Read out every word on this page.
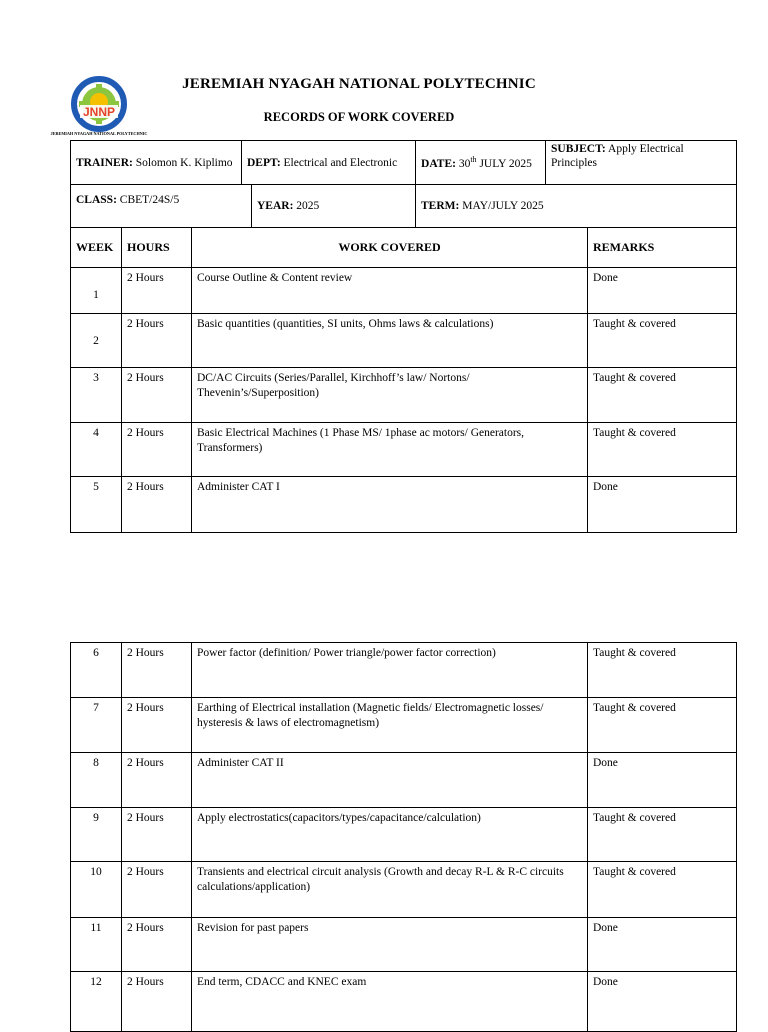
JNNP
JEREMIAH NYAGAH NATIONAL POLYTECHNIC
JEREMIAH NYAGAH NATIONAL POLYTECHNIC
RECORDS OF WORK COVERED
TRAINER: Solomon K. Kiplimo	DEPT: Electrical and Electronic		DATE: 30th JULY 2025	SUBJECT: Apply Electrical
Principles
CLASS: CBET/24S/5		YEAR: 2025	TERM: MAY/JULY 2025	
WEEK	HOURS	WORK COVERED	REMARKS
1	2 Hours	Course Outline & Content review	Done
2	2 Hours	Basic quantities (quantities, SI units, Ohms laws & calculations)	Taught & covered
3	2 Hours	DC/AC Circuits (Series/Parallel, Kirchhoff’s law/ Nortons/ Thevenin’s/Superposition)	Taught & covered
4	2 Hours	Basic Electrical Machines (1 Phase MS/ 1phase ac motors/ Generators, Transformers)	Taught & covered
5	2 Hours	Administer CAT I	Done
6	2 Hours	Power factor (definition/ Power triangle/power factor correction)	Taught & covered
7	2 Hours	Earthing of Electrical installation (Magnetic fields/ Electromagnetic losses/ hysteresis & laws of electromagnetism)	Taught & covered
8	2 Hours	Administer CAT II	Done
9	2 Hours	Apply electrostatics(capacitors/types/capacitance/calculation)	Taught & covered
10	2 Hours	Transients and electrical circuit analysis (Growth and decay R-L & R-C circuits calculations/application)	Taught & covered
11	2 Hours	Revision for past papers	Done
12	2 Hours	End term, CDACC and KNEC exam	Done
